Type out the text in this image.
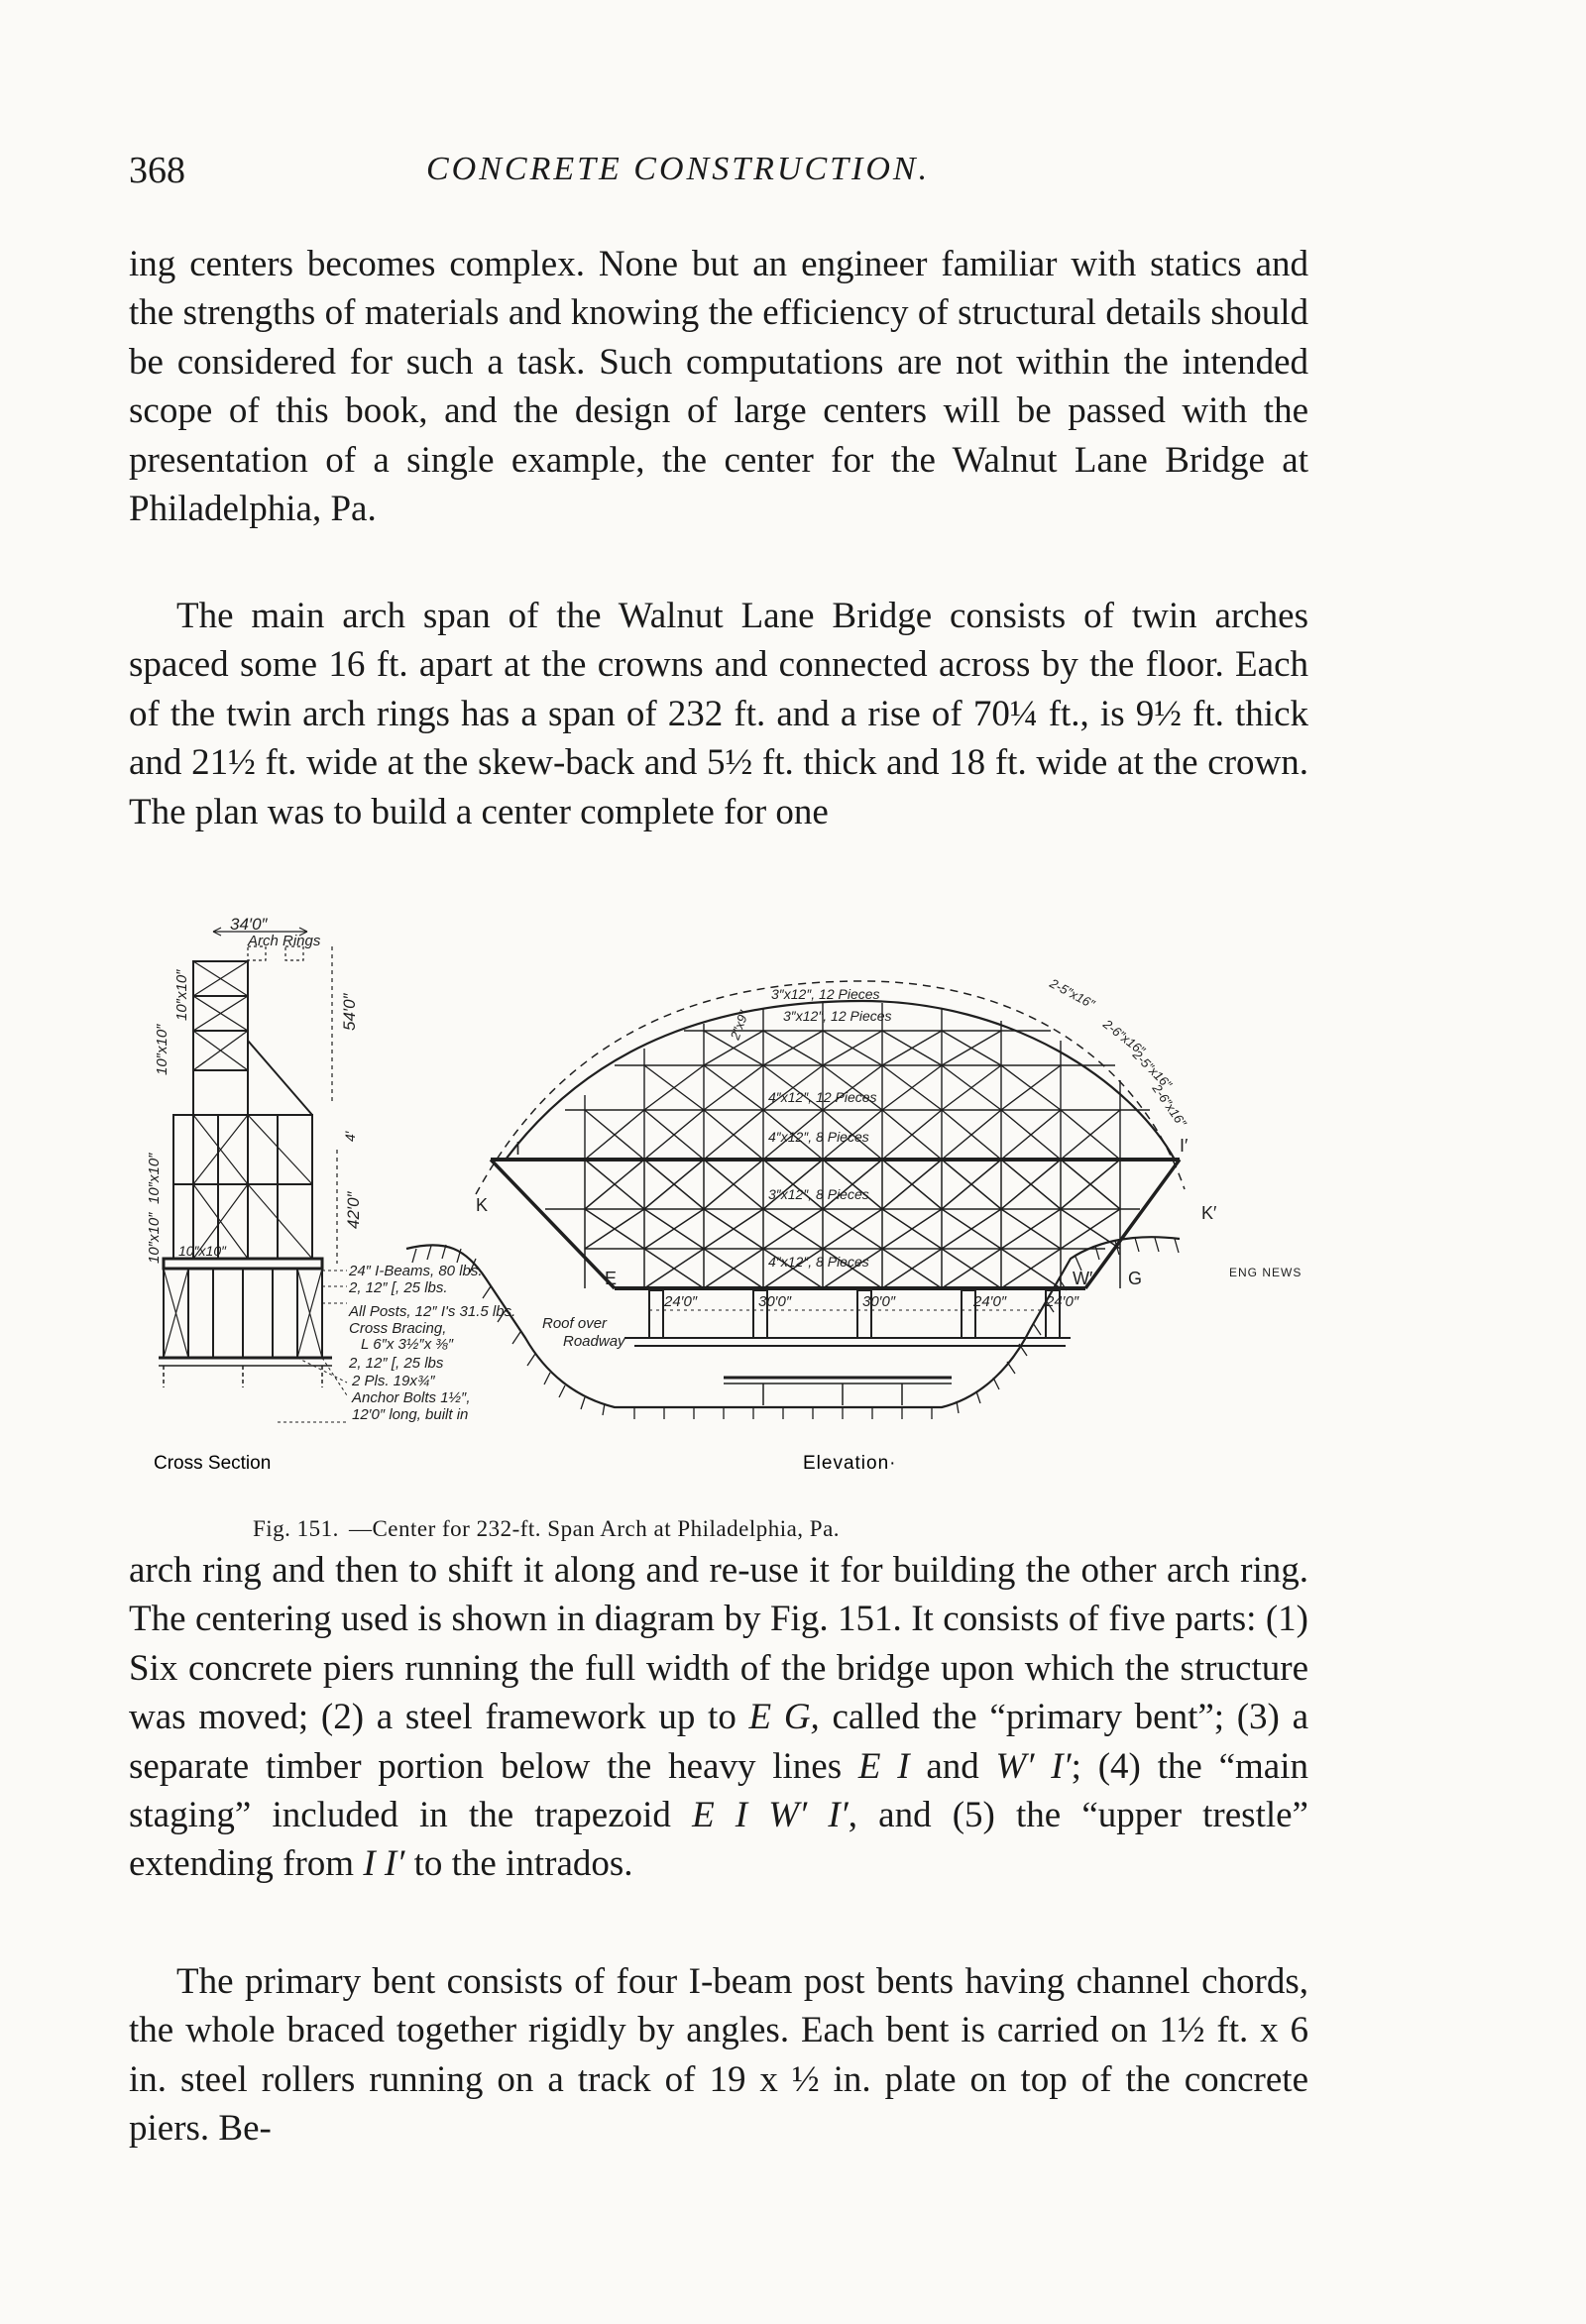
368	CONCRETE CONSTRUCTION.

ing centers becomes complex. None but an engineer familiar with statics and the strengths of materials and knowing the efficiency of structural details should be considered for such a task. Such computations are not within the intended scope of this book, and the design of large centers will be passed with the presentation of a single example, the center for the Walnut Lane Bridge at Philadelphia, Pa.

The main arch span of the Walnut Lane Bridge consists of twin arches spaced some 16 ft. apart at the crowns and connected across by the floor. Each of the twin arch rings has a span of 232 ft. and a rise of 70¼ ft., is 9½ ft. thick and 21½ ft. wide at the skew-back and 5½ ft. thick and 18 ft. wide at the crown. The plan was to build a center complete for one

34′0″
Arch Rings
54′0″
4′
42′0″
10″x10″
10″x10″
10″x10″
10″x10″ 10″x10″
24″ I-Beams, 80 lbs.
2, 12″ [, 25 lbs.
All Posts, 12″ I's 31.5 lbs.
Cross Bracing,
L 6″x 3½″x ⅜″
2, 12″ [, 25 lbs
2 Pls. 19x¾″
Anchor Bolts 1½″,
12′0″ long, built in
Roof over
Roadway
3″x12″, 12 Pieces
3″x12″, 12 Pieces
4″x12″, 12 Pieces
4″x12″, 8 Pieces
3″x12″, 8 Pieces
4″x12″, 8 Pieces
2″x9″
2-5″x16″
2-6″x16″
2-5″x16″
2-6″x16″
I	I′
K	K′
E	W′ G
24′0″	30′0″	30′0″	24′0″	24′0″
ENG NEWS
Cross Section	Elevation·
Fig. 151. —Center for 232-ft. Span Arch at Philadelphia, Pa.

arch ring and then to shift it along and re-use it for building the other arch ring. The centering used is shown in diagram by Fig. 151. It consists of five parts: (1) Six concrete piers running the full width of the bridge upon which the structure was moved; (2) a steel framework up to E G, called the “primary bent”; (3) a separate timber portion below the heavy lines E I and W′ I′; (4) the “main staging” included in the trapezoid E I W′ I′, and (5) the “upper trestle” extending from I I′ to the intrados.

The primary bent consists of four I-beam post bents having channel chords, the whole braced together rigidly by angles. Each bent is carried on 1½ ft. x 6 in. steel rollers running on a track of 19 x ½ in. plate on top of the concrete piers. Be-
